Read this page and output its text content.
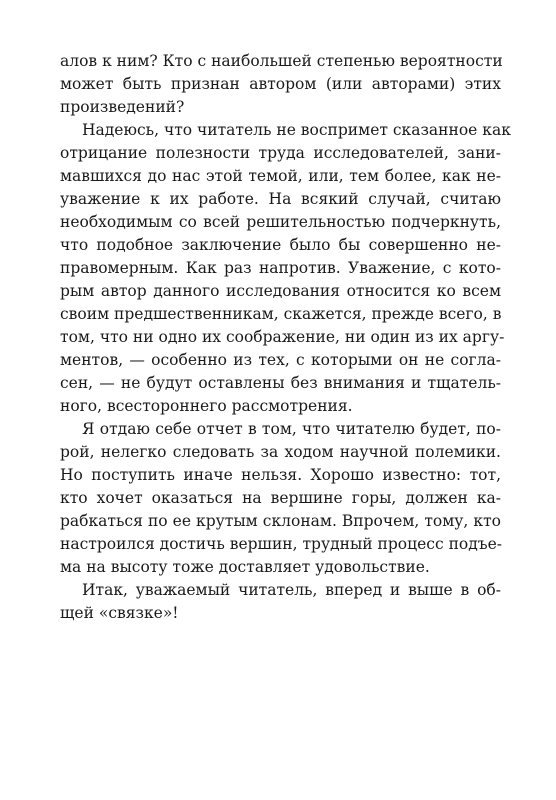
алов к ним? Кто с наибольшей степенью вероятности
может быть признан автором (или авторами) этих
произведений?
Надеюсь, что читатель не воспримет сказанное как
отрицание полезности труда исследователей, зани-
мавшихся до нас этой темой, или, тем более, как не-
уважение к их работе. На всякий случай, считаю
необходимым со всей решительностью подчеркнуть,
что подобное заключение было бы совершенно не-
правомерным. Как раз напротив. Уважение, с кото-
рым автор данного исследования относится ко всем
своим предшественникам, скажется, прежде всего, в
том, что ни одно их соображение, ни один из их аргу-
ментов, — особенно из тех, с которыми он не согла-
сен, — не будут оставлены без внимания и тщатель-
ного, всестороннего рассмотрения.
Я отдаю себе отчет в том, что читателю будет, по-
рой, нелегко следовать за ходом научной полемики.
Но поступить иначе нельзя. Хорошо известно: тот,
кто хочет оказаться на вершине горы, должен ка-
рабкаться по ее крутым склонам. Впрочем, тому, кто
настроился достичь вершин, трудный процесс подъе-
ма на высоту тоже доставляет удовольствие.
Итак, уважаемый читатель, вперед и выше в об-
щей «связке»!
